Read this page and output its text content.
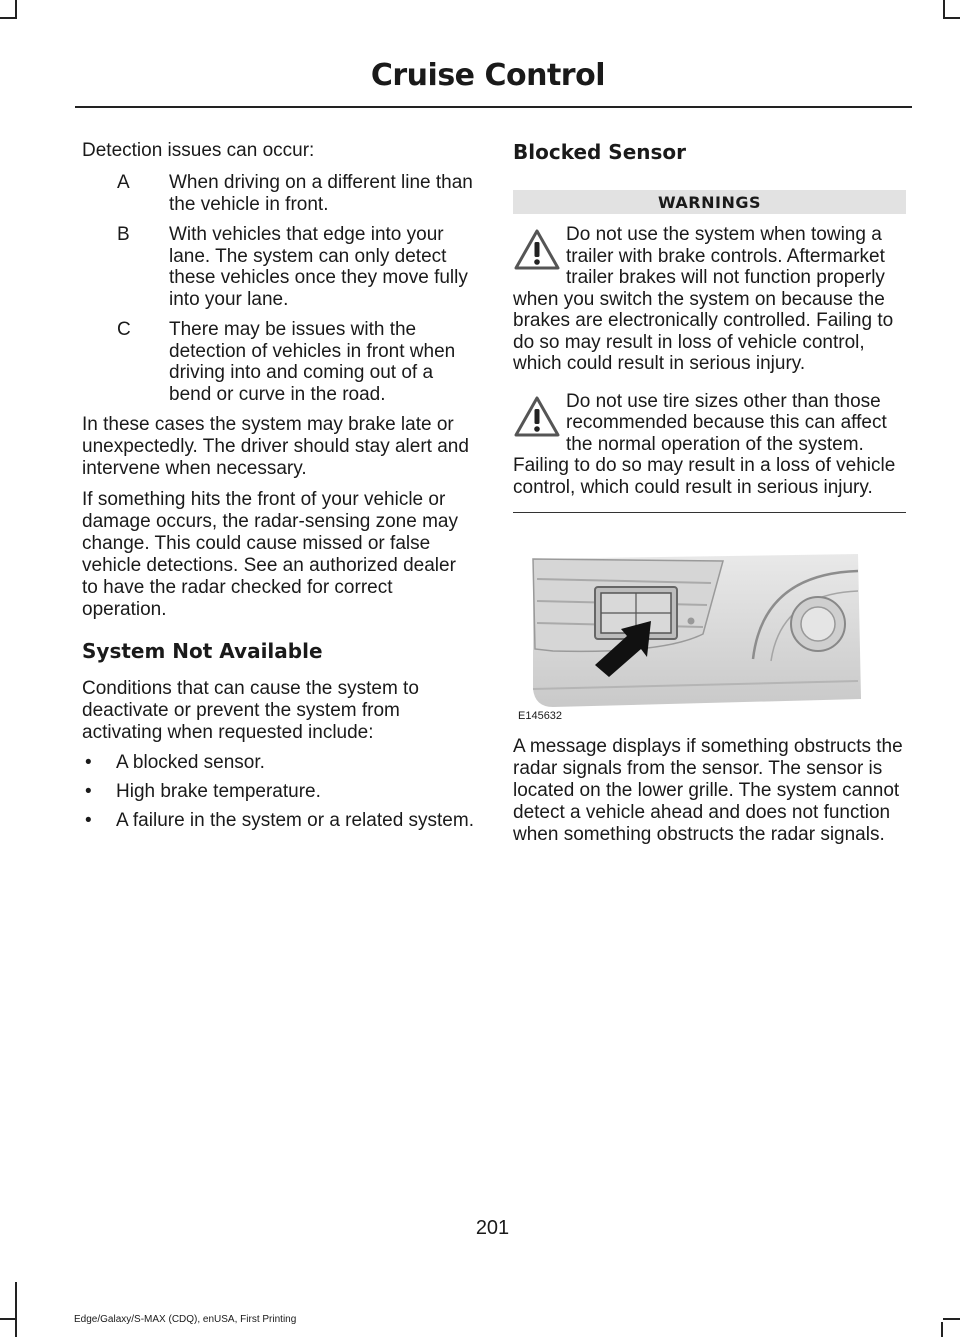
Cruise Control

Detection issues can occur:

A When driving on a different line than the vehicle in front.
B With vehicles that edge into your lane. The system can only detect these vehicles once they move fully into your lane.
C There may be issues with the detection of vehicles in front when driving into and coming out of a bend or curve in the road.

In these cases the system may brake late or unexpectedly. The driver should stay alert and intervene when necessary.

If something hits the front of your vehicle or damage occurs, the radar-sensing zone may change. This could cause missed or false vehicle detections. See an authorized dealer to have the radar checked for correct operation.

System Not Available

Conditions that can cause the system to deactivate or prevent the system from activating when requested include:

• A blocked sensor.
• High brake temperature.
• A failure in the system or a related system.
Blocked Sensor
WARNINGS
Do not use the system when towing a trailer with brake controls. Aftermarket trailer brakes will not function properly when you switch the system on because the brakes are electronically controlled. Failing to do so may result in loss of vehicle control, which could result in serious injury.
Do not use tire sizes other than those recommended because this can affect the normal operation of the system. Failing to do so may result in a loss of vehicle control, which could result in serious injury.
E145632

A message displays if something obstructs the radar signals from the sensor. The sensor is located on the lower grille. The system cannot detect a vehicle ahead and does not function when something obstructs the radar signals.

201
Edge/Galaxy/S-MAX (CDQ), enUSA, First Printing
